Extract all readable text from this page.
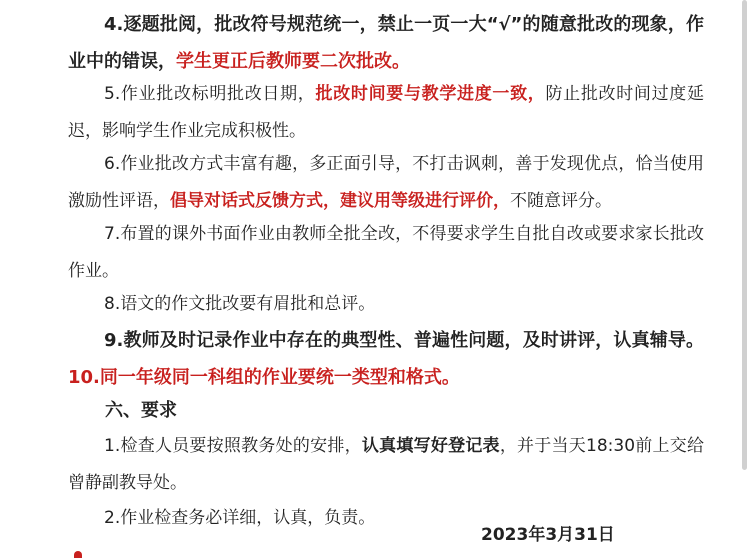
4.逐题批阅，批改符号规范统一，禁止一页一大“√”的随意批改的现象，作业中的错误，学生更正后教师要二次批改。

5.作业批改标明批改日期，批改时间要与教学进度一致，防止批改时间过度延迟，影响学生作业完成积极性。

6.作业批改方式丰富有趣，多正面引导，不打击讽刺，善于发现优点，恰当使用激励性评语，倡导对话式反馈方式，建议用等级进行评价，不随意评分。

7.布置的课外书面作业由教师全批全改，不得要求学生自批自改或要求家长批改作业。

8.语文的作文批改要有眉批和总评。

9.教师及时记录作业中存在的典型性、普遍性问题，及时讲评，认真辅导。10.同一年级同一科组的作业要统一类型和格式。

六、要求

1.检查人员要按照教务处的安排，认真填写好登记表，并于当天18:30前上交给曾静副教导处。

2.作业检查务必详细，认真，负责。

2023年3月31日
